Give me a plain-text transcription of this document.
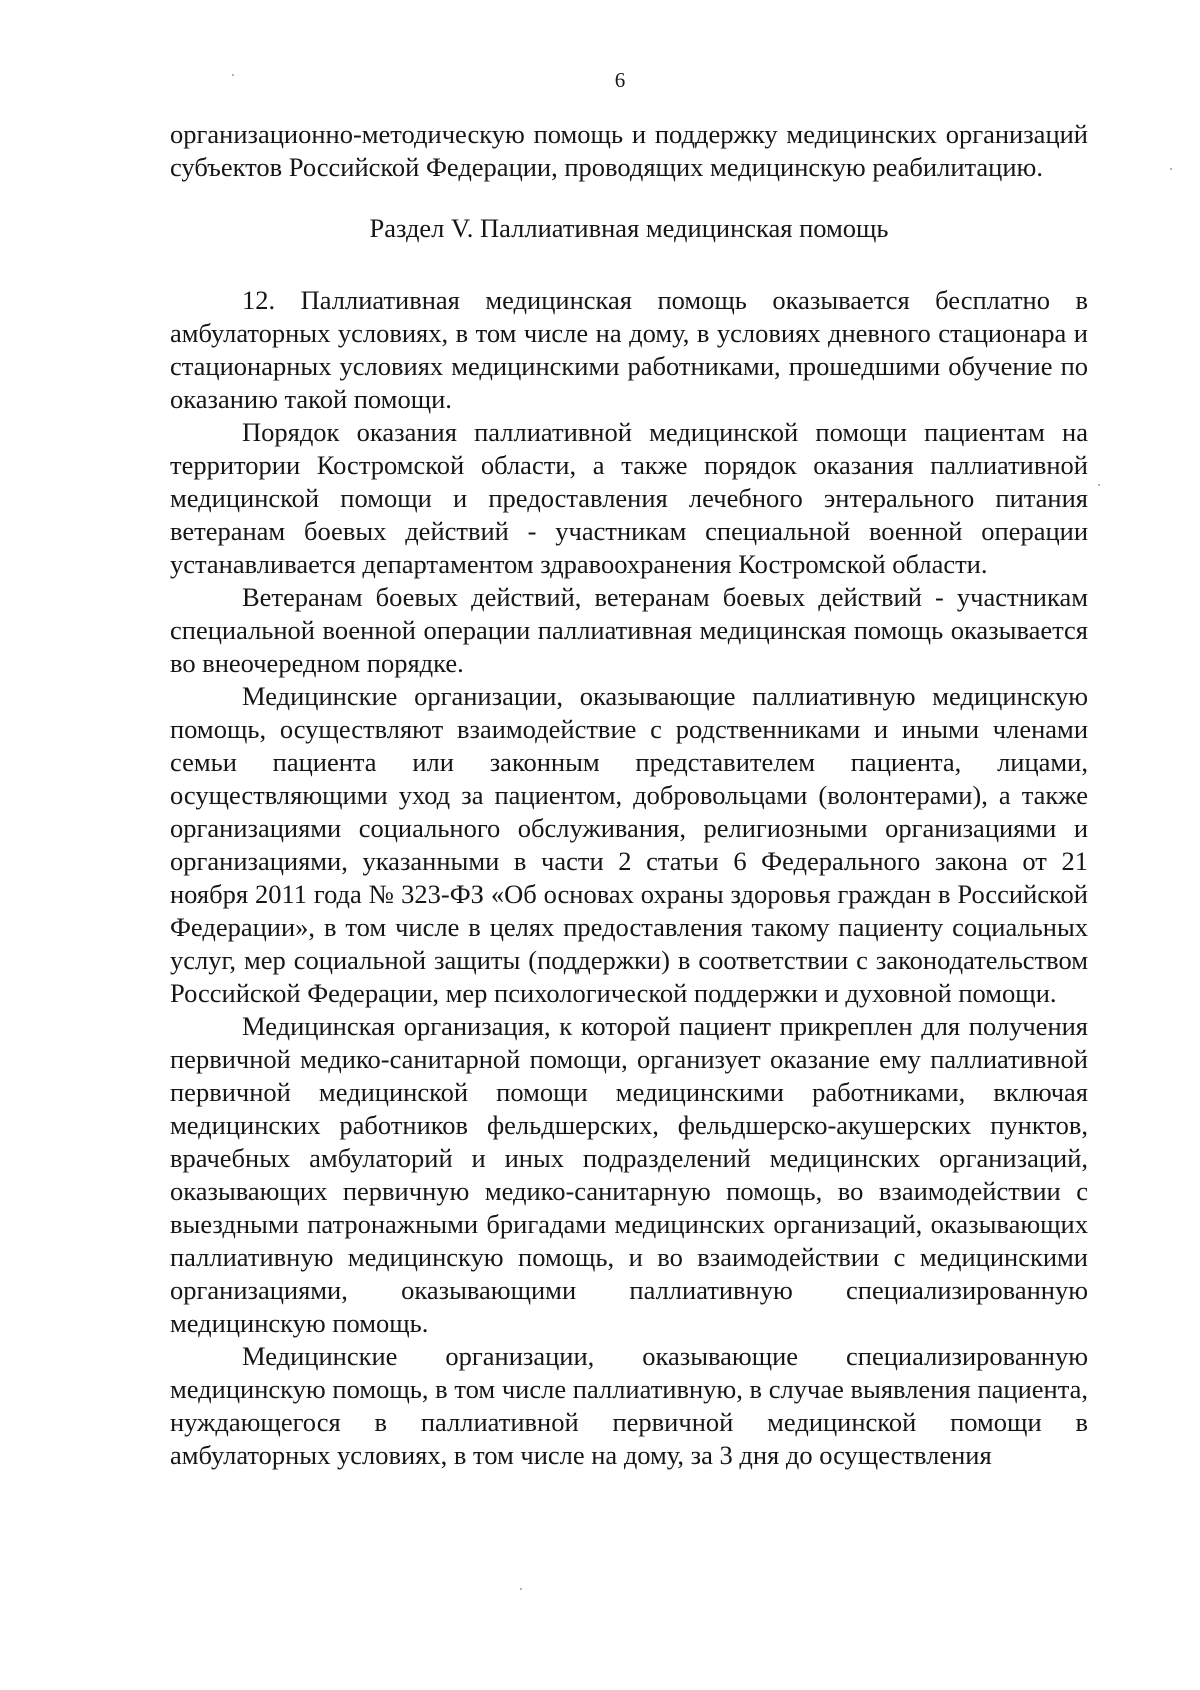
6

организационно-методическую помощь и поддержку медицинских организаций субъектов Российской Федерации, проводящих медицинскую реабилитацию.

Раздел V. Паллиативная медицинская помощь

12. Паллиативная медицинская помощь оказывается бесплатно в амбулаторных условиях, в том числе на дому, в условиях дневного стационара и стационарных условиях медицинскими работниками, прошедшими обучение по оказанию такой помощи.

Порядок оказания паллиативной медицинской помощи пациентам на территории Костромской области, а также порядок оказания паллиативной медицинской помощи и предоставления лечебного энтерального питания ветеранам боевых действий - участникам специальной военной операции устанавливается департаментом здравоохранения Костромской области.

Ветеранам боевых действий, ветеранам боевых действий - участникам специальной военной операции паллиативная медицинская помощь оказывается во внеочередном порядке.

Медицинские организации, оказывающие паллиативную медицинскую помощь, осуществляют взаимодействие с родственниками и иными членами семьи пациента или законным представителем пациента, лицами, осуществляющими уход за пациентом, добровольцами (волонтерами), а также организациями социального обслуживания, религиозными организациями и организациями, указанными в части 2 статьи 6 Федерального закона от 21 ноября 2011 года № 323-ФЗ «Об основах охраны здоровья граждан в Российской Федерации», в том числе в целях предоставления такому пациенту социальных услуг, мер социальной защиты (поддержки) в соответствии с законодательством Российской Федерации, мер психологической поддержки и духовной помощи.

Медицинская организация, к которой пациент прикреплен для получения первичной медико-санитарной помощи, организует оказание ему паллиативной первичной медицинской помощи медицинскими работниками, включая медицинских работников фельдшерских, фельдшерско-акушерских пунктов, врачебных амбулаторий и иных подразделений медицинских организаций, оказывающих первичную медико-санитарную помощь, во взаимодействии с выездными патронажными бригадами медицинских организаций, оказывающих паллиативную медицинскую помощь, и во взаимодействии с медицинскими организациями, оказывающими паллиативную специализированную медицинскую помощь.

Медицинские организации, оказывающие специализированную медицинскую помощь, в том числе паллиативную, в случае выявления пациента, нуждающегося в паллиативной первичной медицинской помощи в амбулаторных условиях, в том числе на дому, за 3 дня до осуществления
